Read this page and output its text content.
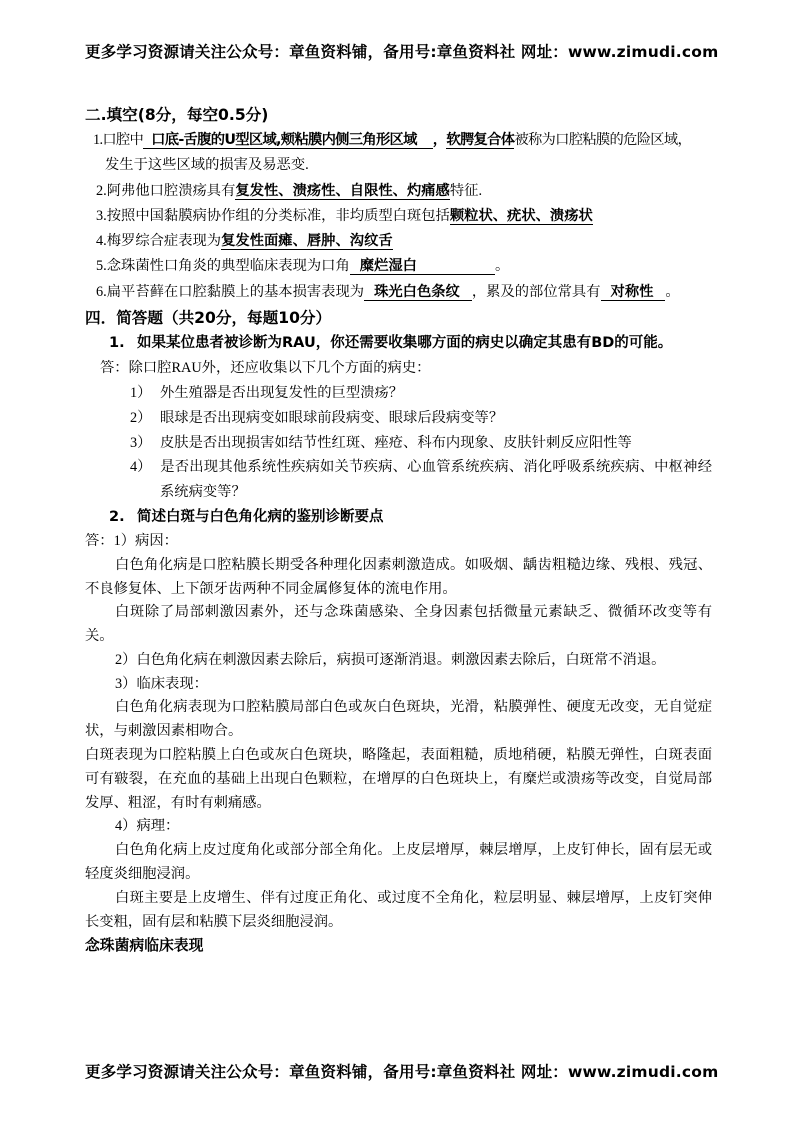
更多学习资源请关注公众号：章鱼资料铺，备用号:章鱼资料社 网址：www.zimudi.com

二.填空(8分，每空0.5分)

1.口腔中 口底-舌腹的U型区域,颊粘膜内侧三角形区域 ，软腭复合体被称为口腔粘膜的危险区域，
发生于这些区域的损害及易恶变.

2.阿弗他口腔溃疡具有复发性、溃疡性、自限性、灼痛感特征.

3.按照中国黏膜病协作组的分类标准，非均质型白斑包括颗粒状、疣状、溃疡状

4.梅罗综合症表现为复发性面瘫、唇肿、沟纹舌

5.念珠菌性口角炎的典型临床表现为口角 糜烂湿白	。

6.扁平苔藓在口腔黏膜上的基本损害表现为 珠光白色条纹 ，累及的部位常具有 对称性 。

四．简答题（共20分，每题10分）

1. 如果某位患者被诊断为RAU，你还需要收集哪方面的病史以确定其患有BD的可能。

答：除口腔RAU外，还应收集以下几个方面的病史：

1） 外生殖器是否出现复发性的巨型溃疡？

2） 眼球是否出现病变如眼球前段病变、眼球后段病变等？

3） 皮肤是否出现损害如结节性红斑、痤疮、科布内现象、皮肤针刺反应阳性等

4） 是否出现其他系统性疾病如关节疾病、心血管系统疾病、消化呼吸系统疾病、中枢神经系统病变等？

2. 简述白斑与白色角化病的鉴别诊断要点

答：1）病因：

白色角化病是口腔粘膜长期受各种理化因素刺激造成。如吸烟、龋齿粗糙边缘、残根、残冠、不良修复体、上下颌牙齿两种不同金属修复体的流电作用。

白斑除了局部刺激因素外，还与念珠菌感染、全身因素包括微量元素缺乏、微循环改变等有关。

2）白色角化病在刺激因素去除后，病损可逐渐消退。刺激因素去除后，白斑常不消退。

3）临床表现：

白色角化病表现为口腔粘膜局部白色或灰白色斑块，光滑，粘膜弹性、硬度无改变，无自觉症状，与刺激因素相吻合。

白斑表现为口腔粘膜上白色或灰白色斑块，略隆起，表面粗糙，质地稍硬，粘膜无弹性，白斑表面可有皲裂，在充血的基础上出现白色颗粒，在增厚的白色斑块上，有糜烂或溃疡等改变，自觉局部发厚、粗涩，有时有刺痛感。

4）病理：

白色角化病上皮过度角化或部分部全角化。上皮层增厚，棘层增厚，上皮钉伸长，固有层无或轻度炎细胞浸润。

白斑主要是上皮增生、伴有过度正角化、或过度不全角化，粒层明显、棘层增厚，上皮钉突伸长变粗，固有层和粘膜下层炎细胞浸润。

念珠菌病临床表现

更多学习资源请关注公众号：章鱼资料铺，备用号:章鱼资料社 网址：www.zimudi.com
